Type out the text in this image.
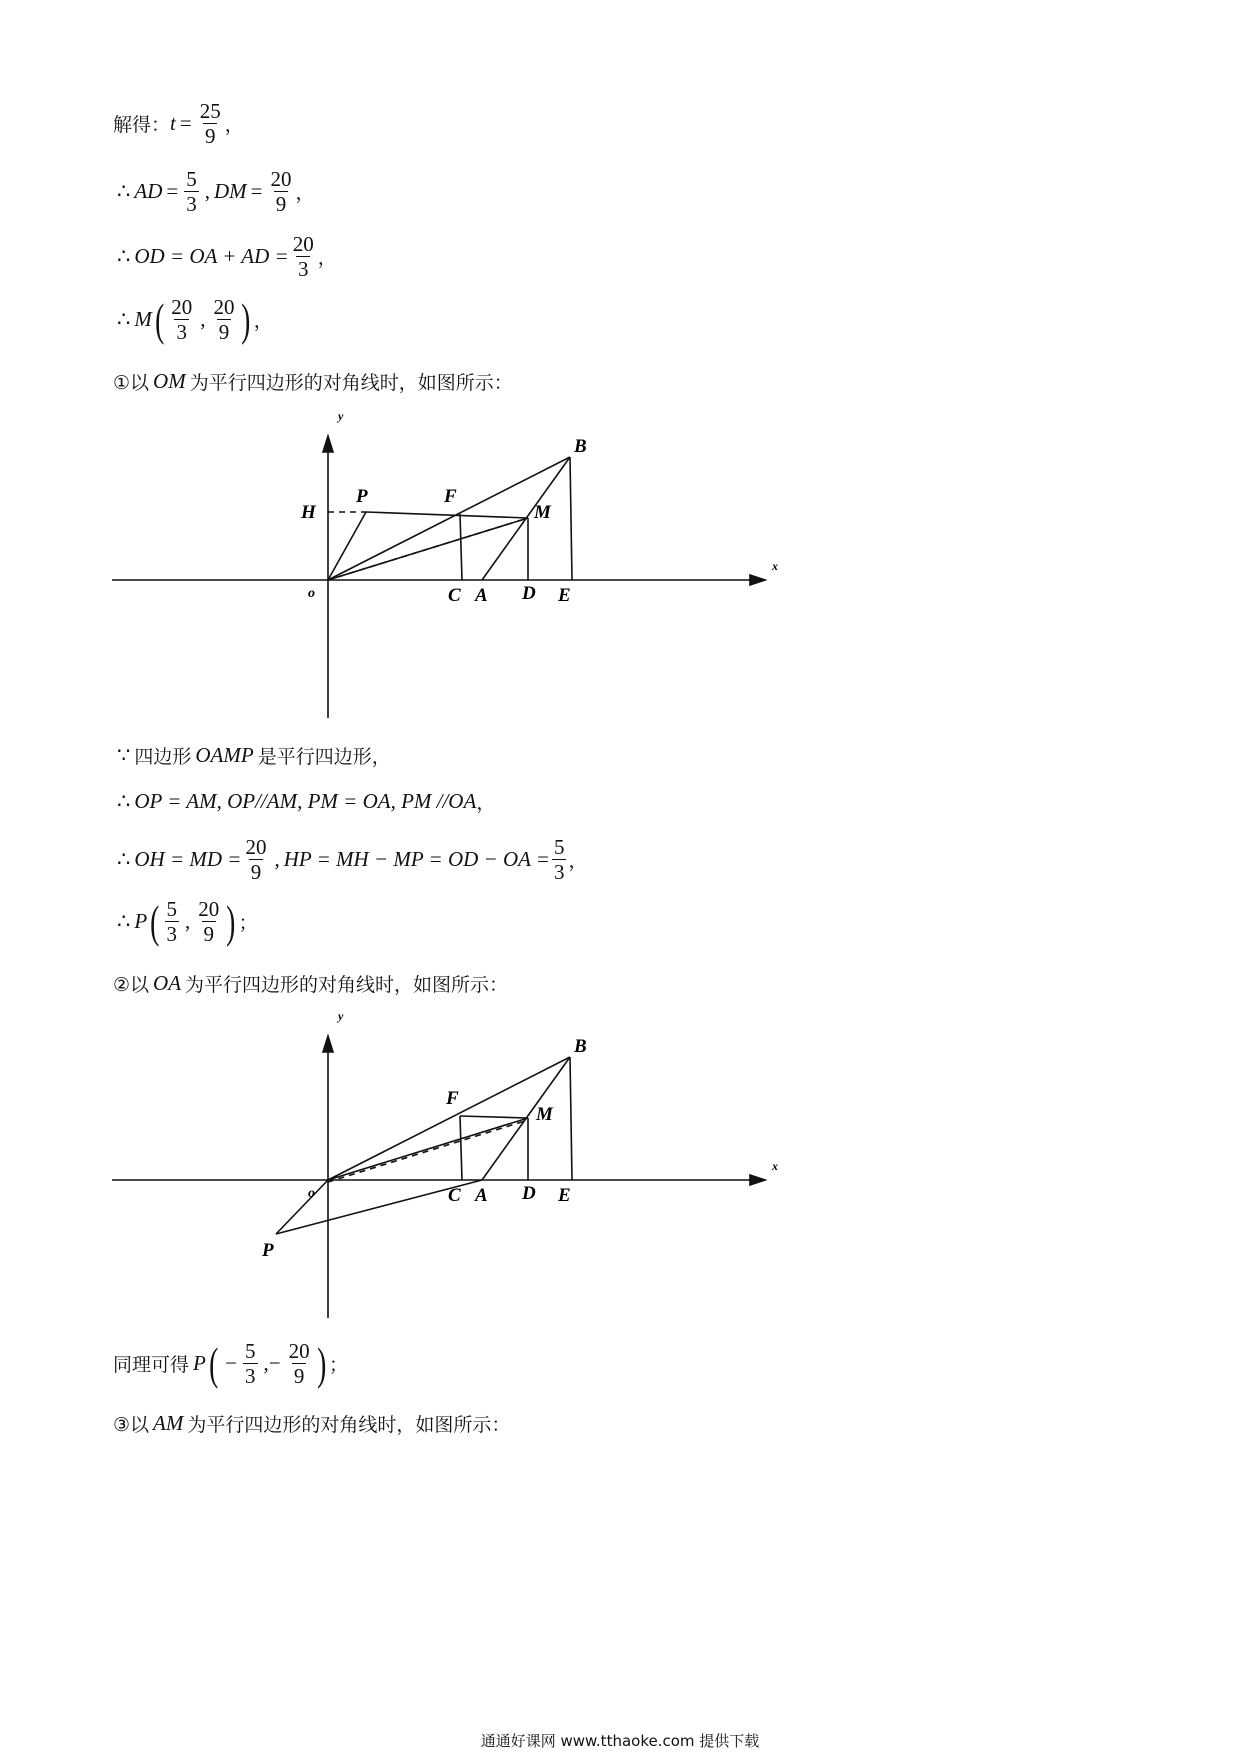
解得： $t = \frac{25}{9}$ ，
∴ AD = $\frac{5}{3}$ , DM = $\frac{20}{9}$ ，
∴ OD = OA + AD = $\frac{20}{3}$ ，
∴ M ( $\frac{20}{3}$ , $\frac{20}{9}$ ) ，
①以 OM 为平行四边形的对角线时，如图所示：
y
x
B
H
P	F
M
o	C A D E
∵ 四边形 OAMP 是平行四边形，
∴ OP = AM, OP//AM, PM = OA, PM //OA ，
∴ OH = MD = $\frac{20}{9}$ , HP = MH − MP = OD − OA = $\frac{5}{3}$ ，
∴ P ( $\frac{5}{3}$ , $\frac{20}{9}$ ) ；
②以 OA 为平行四边形的对角线时，如图所示：
y
x
B
F
M
o	C A D E
P
同理可得 P ( − $\frac{5}{3}$ ,− $\frac{20}{9}$ ) ；
③以 AM 为平行四边形的对角线时，如图所示：
通通好课网 www.tthaoke.com 提供下载
